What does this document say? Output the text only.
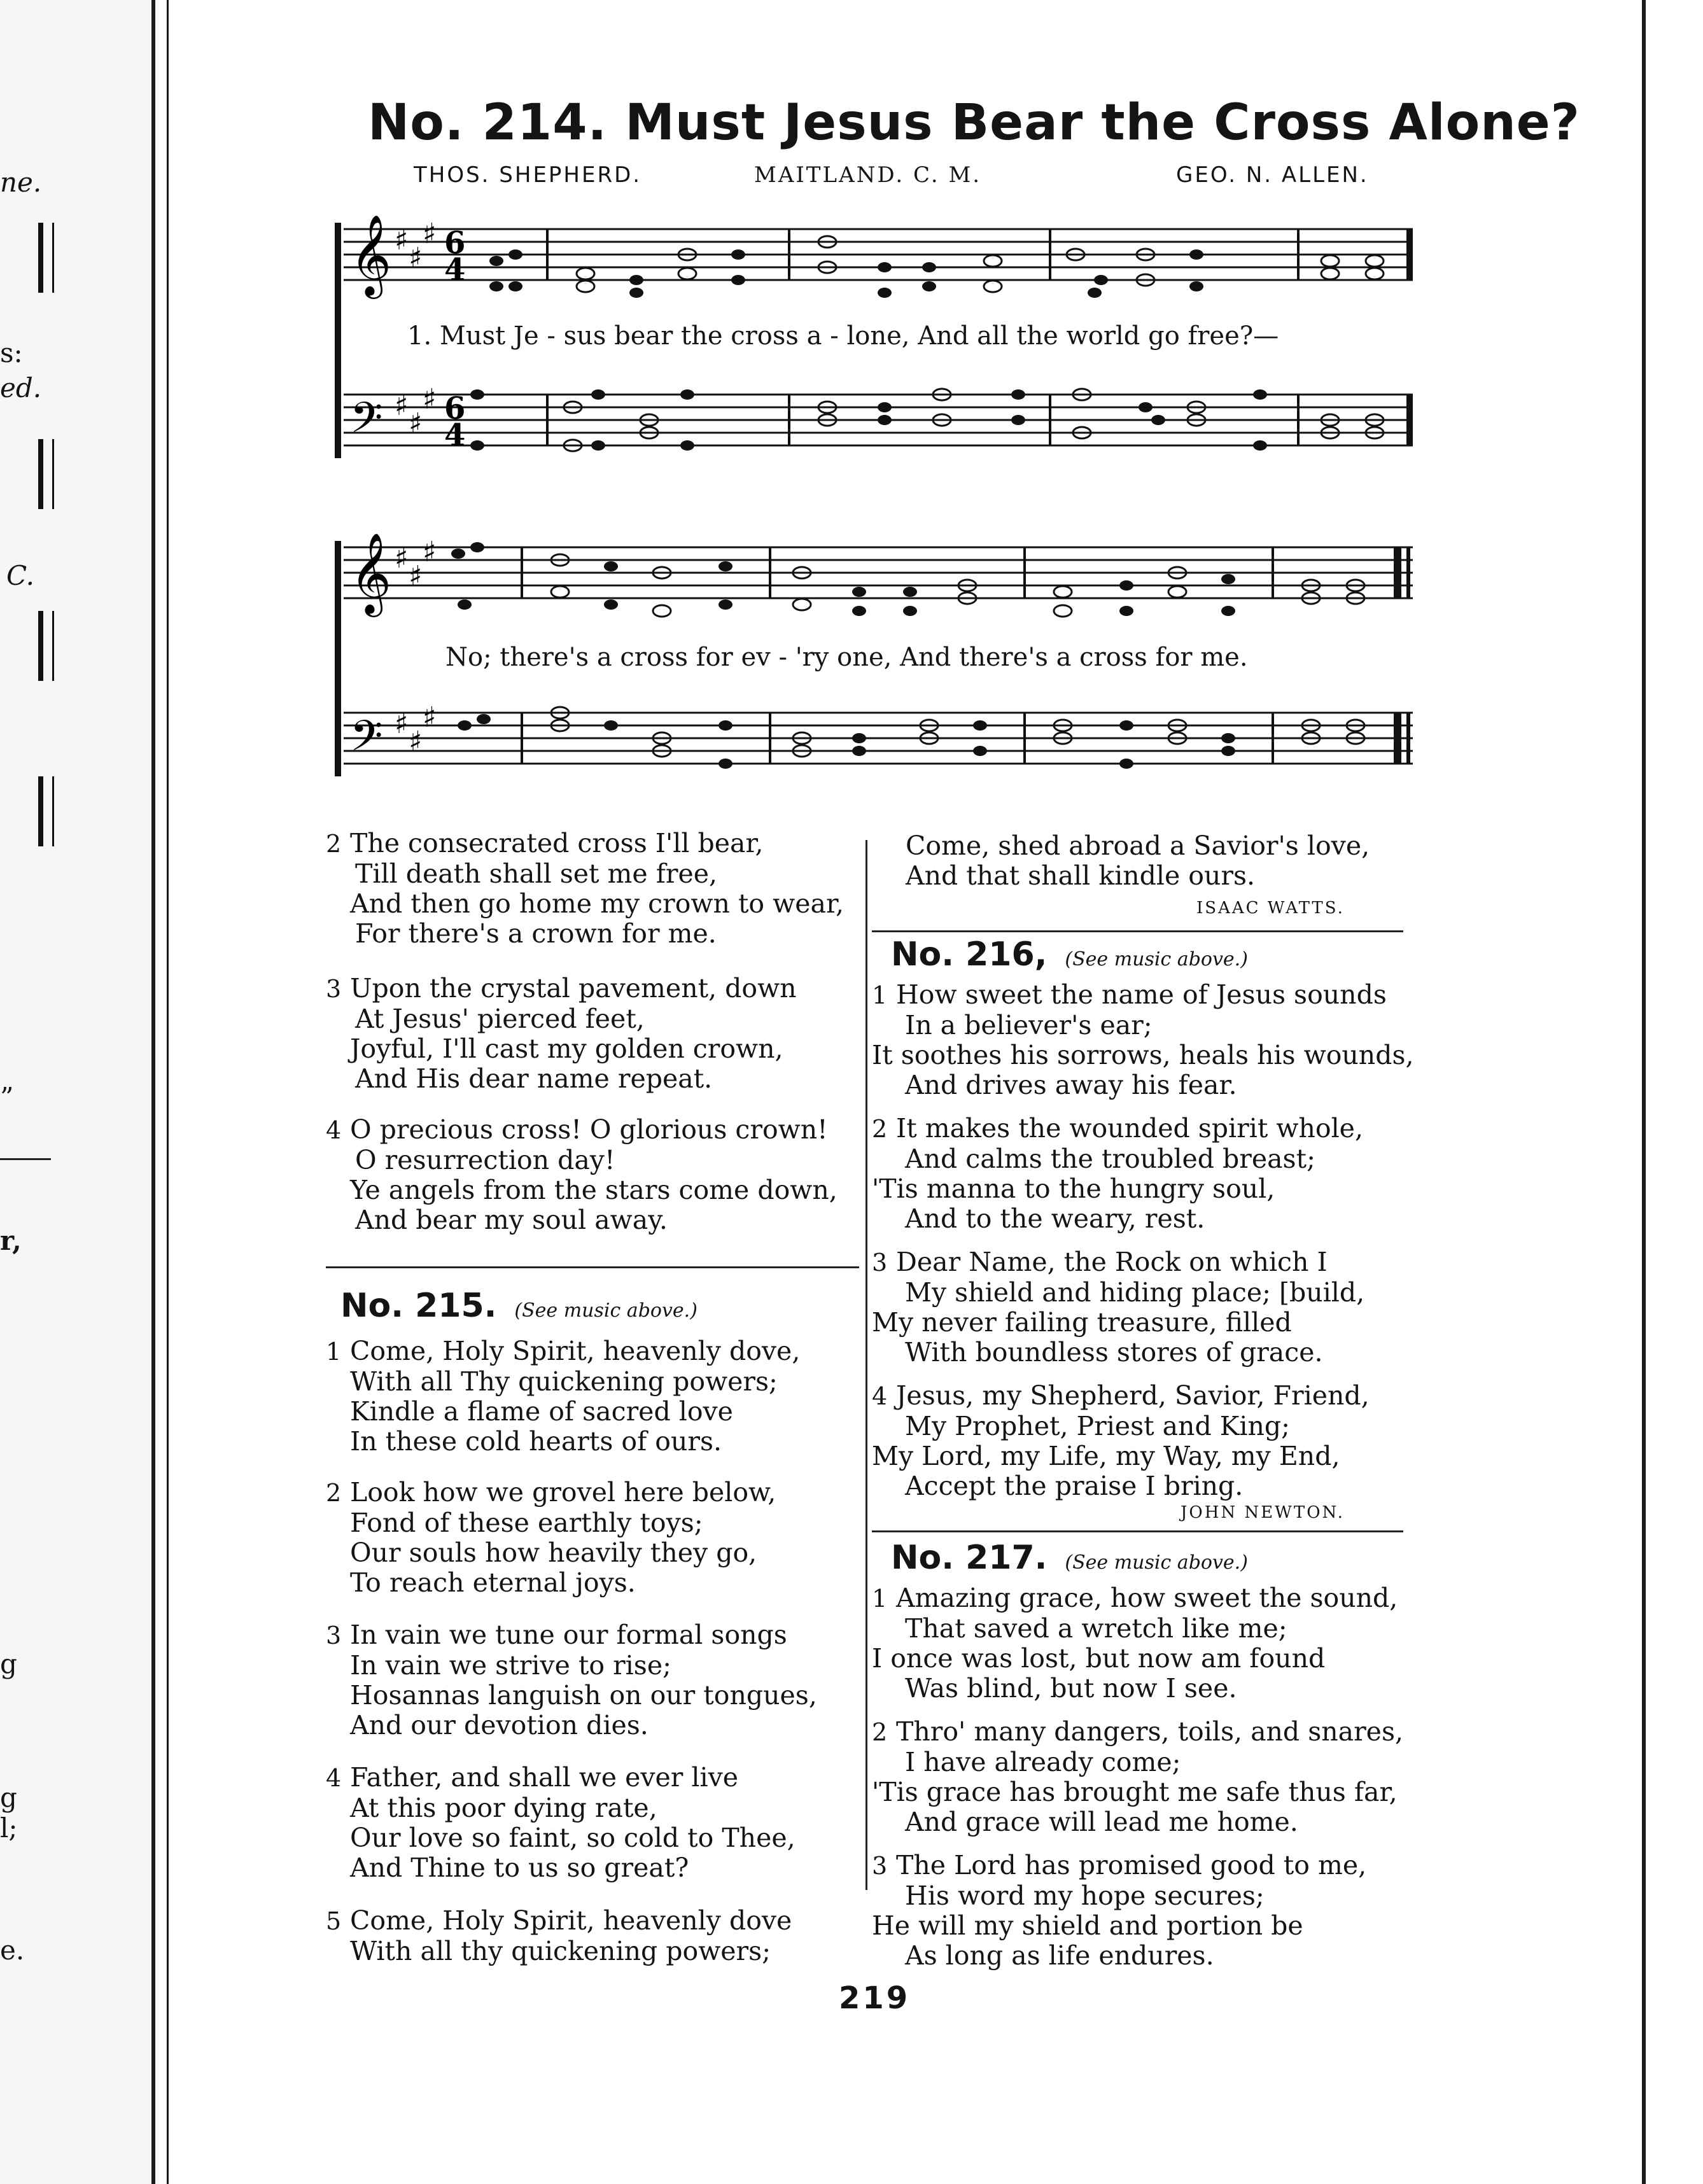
ne.
s:
ed.
C.
”
r,
g
g
l;
e.
No. 214. Must Jesus Bear the Cross Alone?
THOS. SHEPHERD.	MAITLAND. C. M.	GEO. N. ALLEN.
𝄞
𝄢
♯
♯
♯
♯
♯
♯
6
4
6
4
1. Must Je - sus bear the cross a - lone, And all the world go free?—
𝄞
𝄢
♯
♯
♯
♯
♯
♯
No; there's a cross for ev - 'ry one, And there's a cross for me.
2 The consecrated cross I'll bear,
Till death shall set me free,
And then go home my crown to wear,
For there's a crown for me.
3 Upon the crystal pavement, down
At Jesus' pierced feet,
Joyful, I'll cast my golden crown,
And His dear name repeat.
4 O precious cross! O glorious crown!
O resurrection day!
Ye angels from the stars come down,
And bear my soul away.
No. 215. (See music above.)
1 Come, Holy Spirit, heavenly dove,
With all Thy quickening powers;
Kindle a flame of sacred love
In these cold hearts of ours.
2 Look how we grovel here below,
Fond of these earthly toys;
Our souls how heavily they go,
To reach eternal joys.
3 In vain we tune our formal songs
In vain we strive to rise;
Hosannas languish on our tongues,
And our devotion dies.
4 Father, and shall we ever live
At this poor dying rate,
Our love so faint, so cold to Thee,
And Thine to us so great?
5 Come, Holy Spirit, heavenly dove
With all thy quickening powers;
Come, shed abroad a Savior's love,
And that shall kindle ours.
ISAAC WATTS.
No. 216, (See music above.)
1 How sweet the name of Jesus sounds
In a believer's ear;
It soothes his sorrows, heals his wounds,
And drives away his fear.
2 It makes the wounded spirit whole,
And calms the troubled breast;
'Tis manna to the hungry soul,
And to the weary, rest.
3 Dear Name, the Rock on which I
My shield and hiding place; [build,
My never failing treasure, filled
With boundless stores of grace.
4 Jesus, my Shepherd, Savior, Friend,
My Prophet, Priest and King;
My Lord, my Life, my Way, my End,
Accept the praise I bring.
JOHN NEWTON.
No. 217. (See music above.)
1 Amazing grace, how sweet the sound,
That saved a wretch like me;
I once was lost, but now am found
Was blind, but now I see.
2 Thro' many dangers, toils, and snares,
I have already come;
'Tis grace has brought me safe thus far,
And grace will lead me home.
3 The Lord has promised good to me,
His word my hope secures;
He will my shield and portion be
As long as life endures.
219
